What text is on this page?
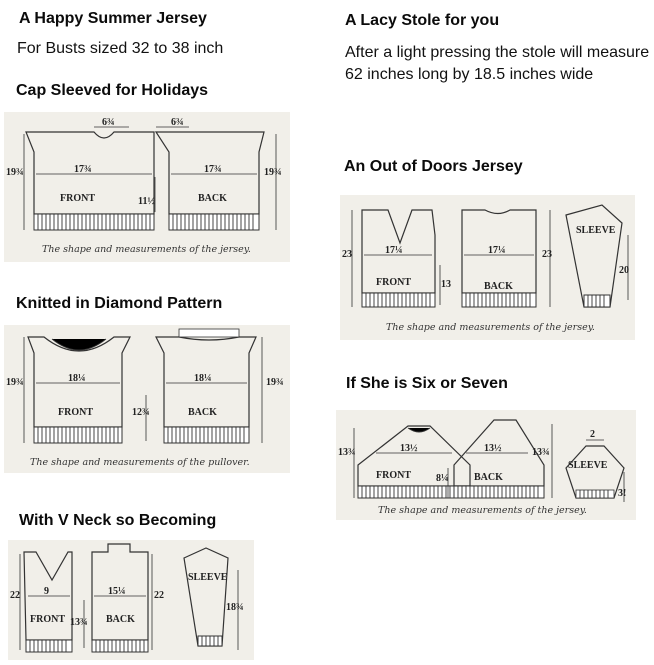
A Happy Summer Jersey
For Busts sized 32 to 38 inch
A Lacy Stole for you
After a light pressing the stole will measure 62 inches long by 18.5 inches wide
Cap Sleeved for Holidays
An Out of Doors Jersey
Knitted in Diamond Pattern
If She is Six or Seven
With V Neck so Becoming
19¾	17¾
6¾	6¾
17¾
11½
19¾
FRONT	BACK
The shape and measurements of the jersey.	23	17¼	17¼
13
23
20
FRONT	BACK
SLEEVE
The shape and measurements of the jersey.
19¾	18¼	18¼
12¾
19¾
FRONT	BACK
The shape and measurements of the pullover.
13¾	13½	13½
8¼
13¾
2
3!
FRONT	BACK
SLEEVE
The shape and measurements of the jersey.
22 9	15¼
13¾
22
18¾
FRONT	BACK
SLEEVE
